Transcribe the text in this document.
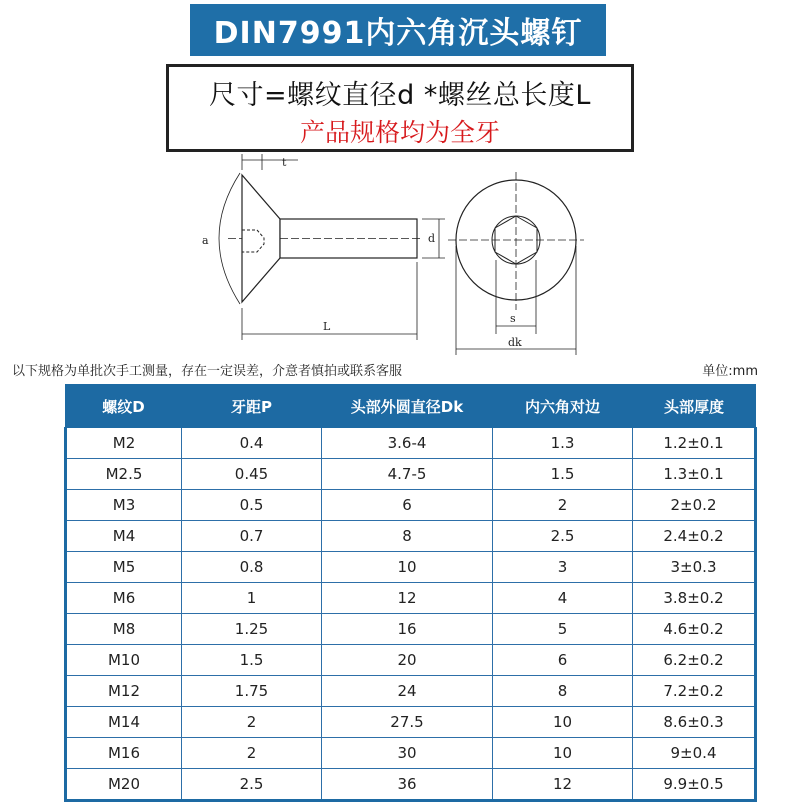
DIN7991内六角沉头螺钉
尺寸=螺纹直径d *螺丝总长度L
产品规格均为全牙
t
a	d
L
s
dk
以下规格为单批次手工测量，存在一定误差，介意者慎拍或联系客服	单位:mm
螺纹D	牙距P	头部外圆直径Dk	内六角对边	头部厚度
M2	0.4	3.6-4	1.3	1.2±0.1
M2.5	0.45	4.7-5	1.5	1.3±0.1
M3	0.5	6	2	2±0.2
M4	0.7	8	2.5	2.4±0.2
M5	0.8	10	3	3±0.3
M6	1	12	4	3.8±0.2
M8	1.25	16	5	4.6±0.2
M10	1.5	20	6	6.2±0.2
M12	1.75	24	8	7.2±0.2
M14	2	27.5	10	8.6±0.3
M16	2	30	10	9±0.4
M20	2.5	36	12	9.9±0.5
